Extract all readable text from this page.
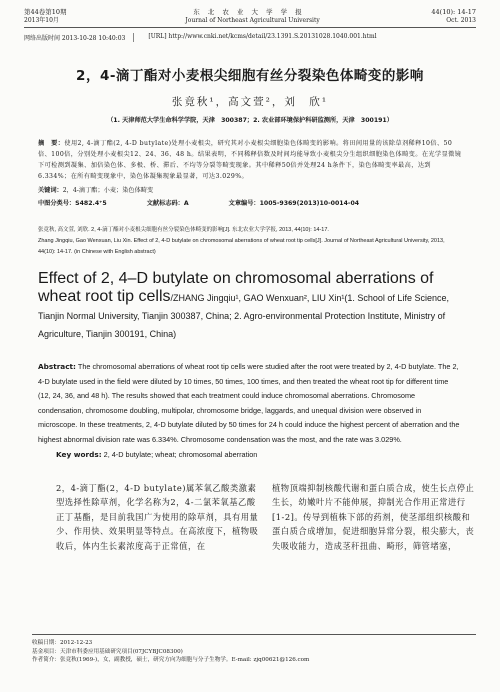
第44卷第10期	东 北 农 业 大 学 学 报	44(10): 14-17
2013年10月	Journal of Northeast Agricultural University	Oct. 2013
网络出版时间 2013-10-28 10:40:03	[URL] http://www.cnki.net/kcms/detail/23.1391.S.20131028.1040.001.html
2，4-滴丁酯对小麦根尖细胞有丝分裂染色体畸变的影响
张竟秋¹，高文萱²，刘　欣¹
（1. 天津师范大学生命科学学院，天津　300387；2. 农业部环境保护科研监测所，天津　300191）
摘　要：使用2, 4-滴丁酯(2, 4-D butylate)处理小麦根尖，研究其对小麦根尖细胞染色体畸变的影响。将田间用量的该除草剂稀释10倍、50倍、100倍，分别处理小麦根尖12、24、36、48 h。结果表明，不同稀释倍数及时间均能导致小麦根尖分生组织细胞染色体畸变。在光学显微镜下可检测到凝集、加倍染色体、多极、桥、滞后、不均等分裂等畸变现象。其中稀释50倍并处理24 h条件下，染色体畸变率最高，达到6.334%；在所有畸变现象中，染色体凝集现象最显著，可达3.029%。
关键词：2，4-滴丁酯；小麦；染色体畸变
中图分类号：S482.4⁺5	文献标志码：A	文章编号：1005-9369(2013)10-0014-04

张竟秋, 高文萱, 刘欣. 2, 4-滴丁酯对小麦根尖细胞有丝分裂染色体畸变的影响[J]. 东北农业大学学报, 2013, 44(10): 14-17.

Zhang Jingqiu, Gao Wenxuan, Liu Xin. Effect of 2, 4-D butylate on chromosomal aberrations of wheat root tip cells[J]. Journal of Northeast Agricultural University, 2013, 44(10): 14-17. (in Chinese with English abstract)

Effect of 2, 4–D butylate on chromosomal aberrations of wheat root tip cells/ZHANG Jingqiu¹, GAO Wenxuan², LIU Xin¹(1. School of Life Science, Tianjin Normal University, Tianjin 300387, China; 2. Agro-environmental Protection Institute, Ministry of Agriculture, Tianjin 300191, China)
Abstract: The chromosomal aberrations of wheat root tip cells were studied after the root were treated by 2, 4-D butylate. The 2, 4-D butylate used in the field were diluted by 10 times, 50 times, 100 times, and then treated the wheat root tip for different time (12, 24, 36, and 48 h). The results showed that each treatment could induce chromosomal aberrations. Chromosome condensation, chromosome doubling, multipolar, chromosome bridge, laggards, and unequal division were observed in microscope. In these treatments, 2, 4-D butylate diluted by 50 times for 24 h could induce the highest percent of aberration and the highest abnormal division rate was 6.334%. Chromosome condensation was the most, and the rate was 3.029%.
Key words: 2, 4-D butylate; wheat; chromosomal aberration
2，4-滴丁酯(2，4-D butylate)属苯氧乙酸类激素型选择性除草剂，化学名称为2，4-二氯苯氧基乙酸正丁基酯，是目前我国广为使用的除草剂，具有用量少、作用快、效果明显等特点。在高浓度下，植物吸收后，体内生长素浓度高于正常值，在
植物顶端抑制核酸代谢和蛋白质合成，使生长点停止生长，幼嫩叶片不能伸展，抑制光合作用正常进行[1-2]。传导到植株下部的药剂，使茎部组织核酸和蛋白质合成增加，促进细胞异常分裂，根尖膨大，丧失吸收能力，造成茎秆扭曲、畸形，筛管堵塞，

收稿日期：2012-12-23

基金项目：天津市科委应用基础研究项目(07JCYBJC08300)

作者简介：张竟秋(1969-)，女，副教授，硕士，研究方向为细胞与分子生物学。E-mail: zjq00621@126.com
